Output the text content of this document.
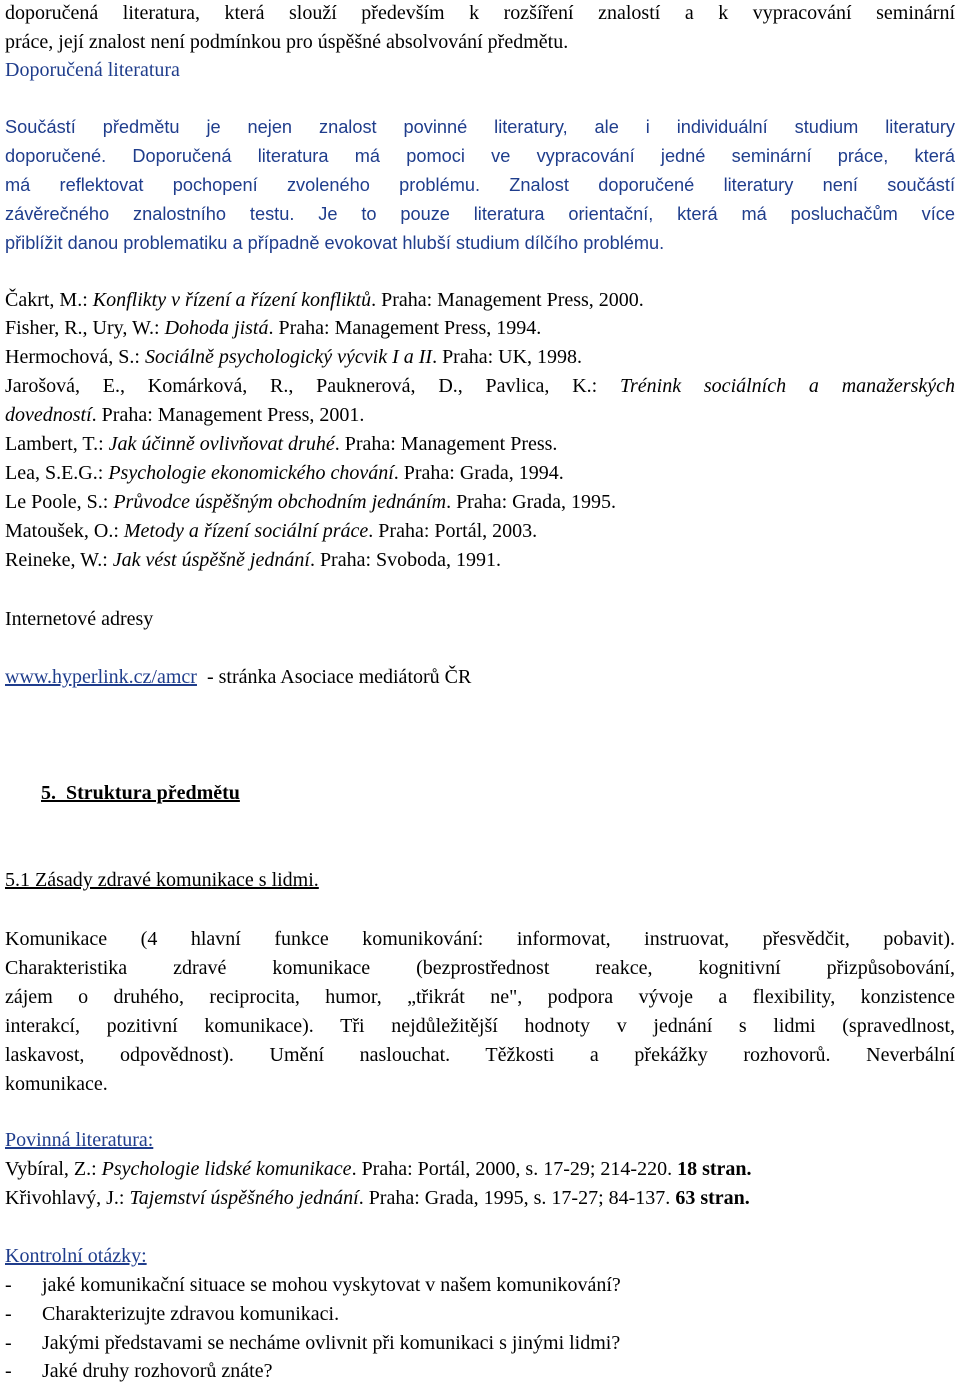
doporučená literatura, která slouží především k rozšíření znalostí a k vypracování seminární
práce, její znalost není podmínkou pro úspěšné absolvování předmětu.
Doporučená literatura
Součástí předmětu je nejen znalost povinné literatury, ale i individuální studium literatury
doporučené. Doporučená literatura má pomoci ve vypracování jedné seminární práce, která
má reflektovat pochopení zvoleného problému. Znalost doporučené literatury není součástí
závěrečného znalostního testu. Je to pouze literatura orientační, která má posluchačům více
přiblížit danou problematiku a případně evokovat hlubší studium dílčího problému.
Čakrt, M.: Konflikty v řízení a řízení konfliktů. Praha: Management Press, 2000.
Fisher, R., Ury, W.: Dohoda jistá. Praha: Management Press, 1994.
Hermochová, S.: Sociálně psychologický výcvik I a II. Praha: UK, 1998.
Jarošová, E., Komárková, R., Pauknerová, D., Pavlica, K.: Trénink sociálních a manažerských
dovedností. Praha: Management Press, 2001.
Lambert, T.: Jak účinně ovlivňovat druhé. Praha: Management Press.
Lea, S.E.G.: Psychologie ekonomického chování. Praha: Grada, 1994.
Le Poole, S.: Průvodce úspěšným obchodním jednáním. Praha: Grada, 1995.
Matoušek, O.: Metody a řízení sociální práce. Praha: Portál, 2003.
Reineke, W.: Jak vést úspěšně jednání. Praha: Svoboda, 1991.
Internetové adresy
www.hyperlink.cz/amcr  - stránka Asociace mediátorů ČR
5.  Struktura předmětu
5.1 Zásady zdravé komunikace s lidmi.
Komunikace (4 hlavní funkce komunikování: informovat, instruovat, přesvědčit, pobavit).
Charakteristika zdravé komunikace (bezprostřednost reakce, kognitivní přizpůsobování,
zájem o druhého, reciprocita, humor, „třikrát ne", podpora vývoje a flexibility, konzistence
interakcí, pozitivní komunikace). Tři nejdůležitější hodnoty v jednání s lidmi (spravedlnost,
laskavost, odpovědnost). Umění naslouchat. Těžkosti a překážky rozhovorů. Neverbální
komunikace.
Povinná literatura:
Vybíral, Z.: Psychologie lidské komunikace. Praha: Portál, 2000, s. 17-29; 214-220. 18 stran.
Křivohlavý, J.: Tajemství úspěšného jednání. Praha: Grada, 1995, s. 17-27; 84-137. 63 stran.
Kontrolní otázky:
- jaké komunikační situace se mohou vyskytovat v našem komunikování?
- Charakterizujte zdravou komunikaci.
- Jakými představami se necháme ovlivnit při komunikaci s jinými lidmi?
- Jaké druhy rozhovorů znáte?
